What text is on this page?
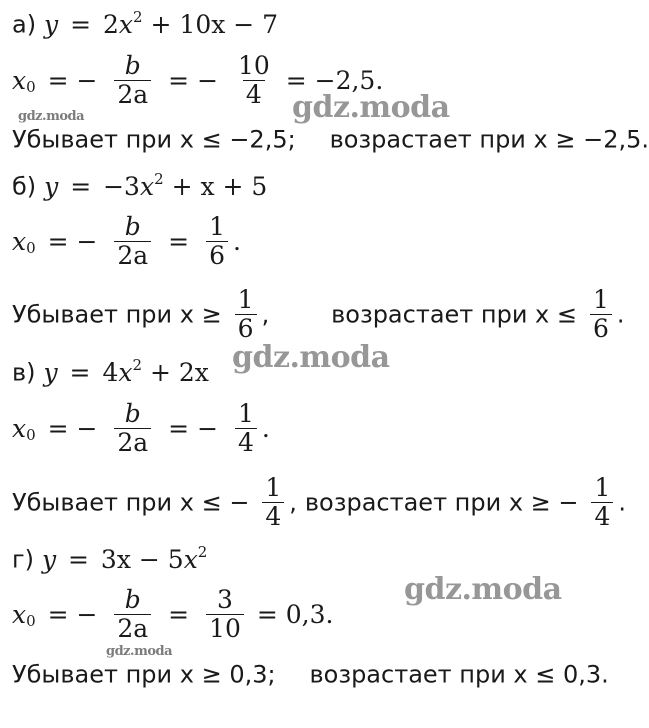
а) $y = 2x^2 + 10x - 7$
$x_0$ = − $\frac{b}{2a}$ = − $\frac{10}{4} = -2,5$.
Убывает при x ≤ −2,5; возрастает при x ≥ −2,5.
б) $y = -3x^2 + x + 5$
$x_0$ = − $\frac{b}{2a} = \frac{1}{6}$ .
Убывает при $x \ge \frac{1}{6}$ ,	возрастает при $x \le \frac{1}{6}$ .
в) $y = 4x^2 + 2x$
$x_0$ = − $\frac{b}{2a}$ = − $\frac{1}{4}$ .
Убывает при x ≤ − $\frac{1}{4}$ , возрастает при x ≥ − $\frac{1}{4}$ .
г) $y = 3x - 5x^2$
$x_0$ = − $\frac{b}{2a} = \frac{3}{10} = 0,3$.
Убывает при x ≥ 0,3; возрастает при x ≤ 0,3.
gdz.moda	gdz.moda
gdz.moda
gdz.moda
gdz.moda
